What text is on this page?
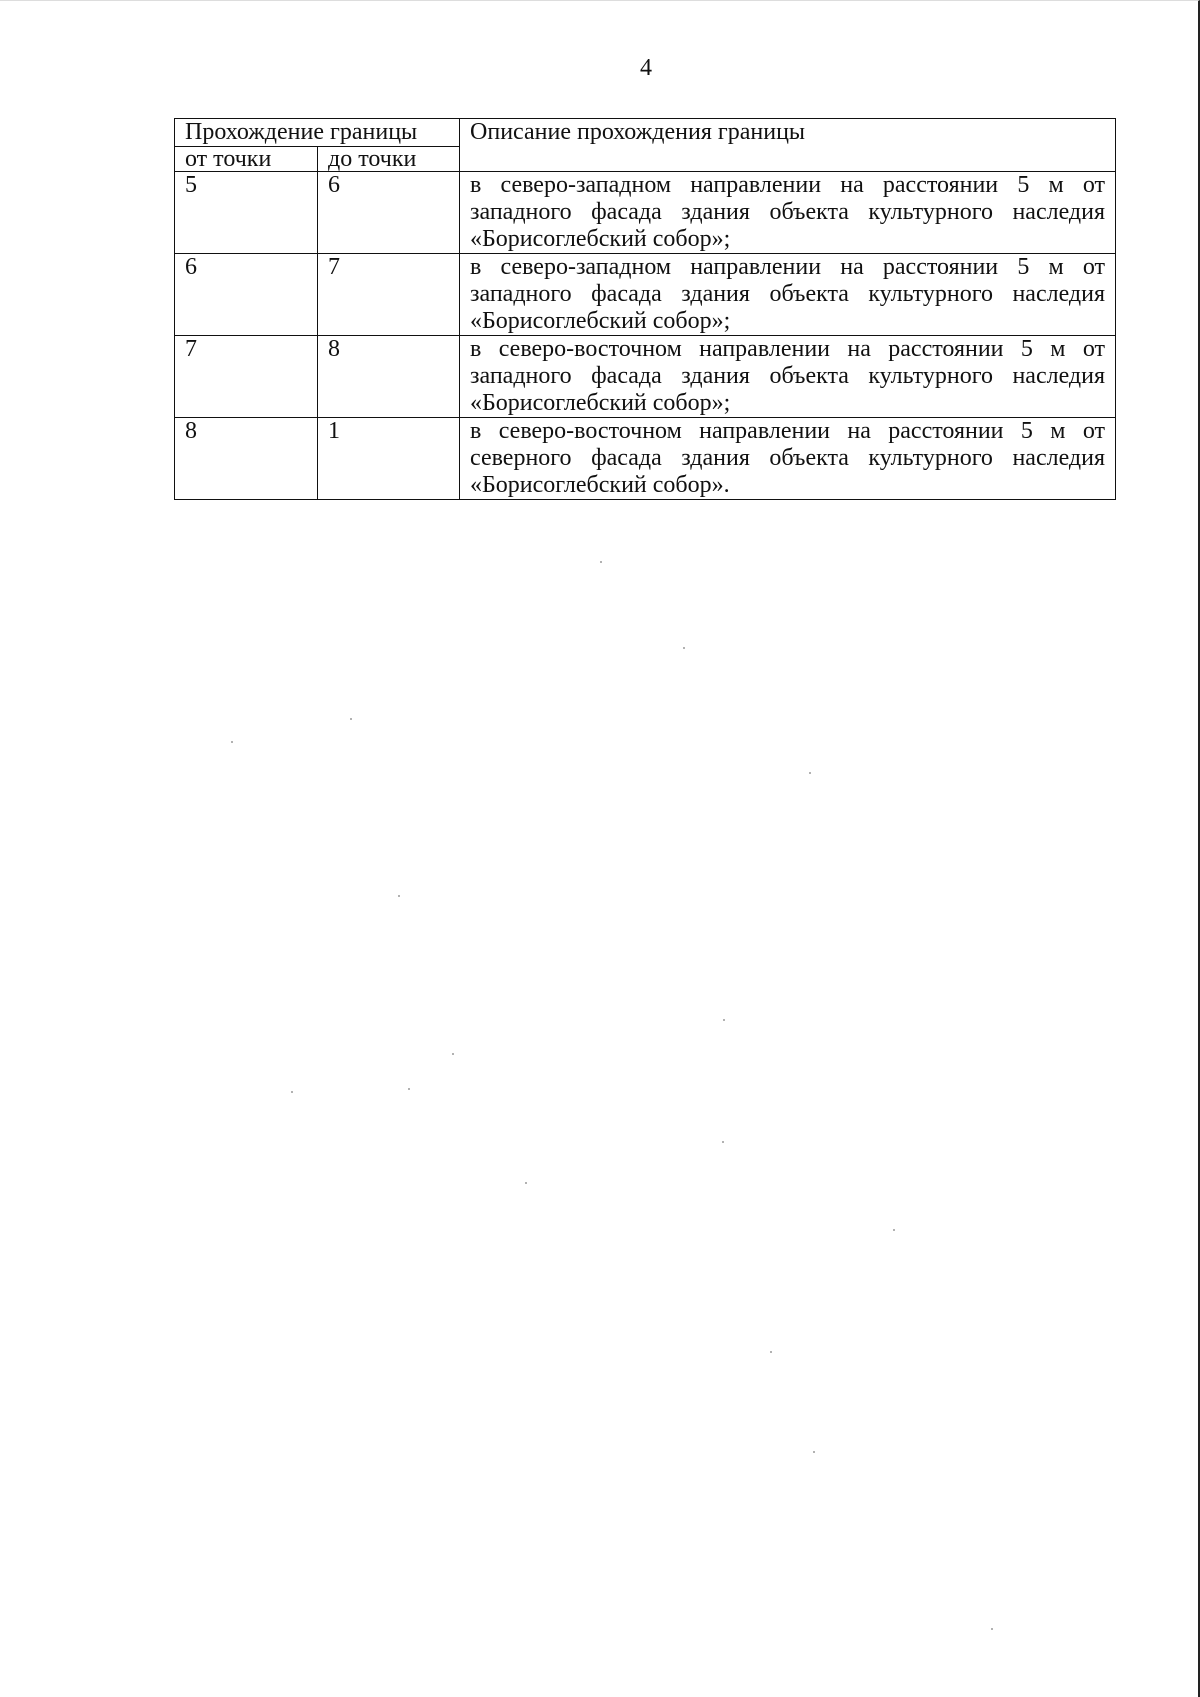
4

Прохождение границы		Описание прохождения границы
от точки	до точки	
5	6	в северо-западном направлении на расстоянии 5 м от западного фасада здания объекта культурного наследия «Борисоглебский собор»;
6	7	в северо-западном направлении на расстоянии 5 м от западного фасада здания объекта культурного наследия «Борисоглебский собор»;
7	8	в северо-восточном направлении на расстоянии 5 м от западного фасада здания объекта культурного наследия «Борисоглебский собор»;
8	1	в северо-восточном направлении на расстоянии 5 м от северного фасада здания объекта культурного наследия «Борисоглебский собор».
